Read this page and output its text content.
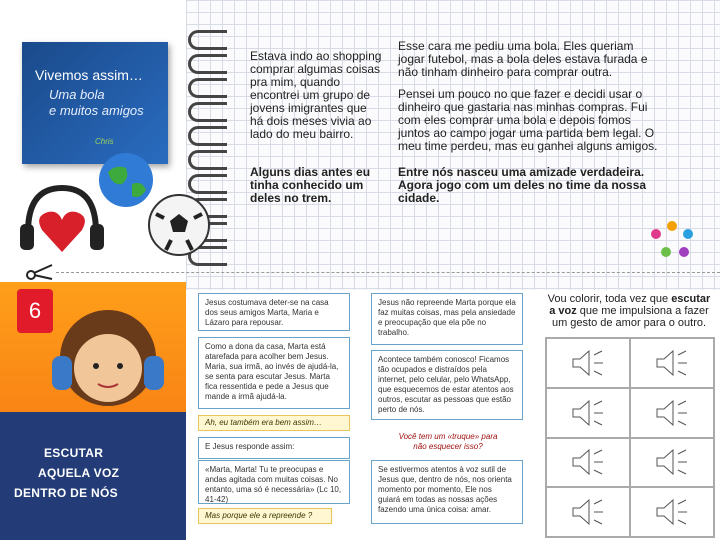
Vivemos assim…
Uma bola
e muitos amigos
Chris
Estava indo ao shopping comprar algumas coisas pra mim, quando encontrei um grupo de jovens imigrantes que há dois meses vivia ao lado do meu bairro.
Alguns dias antes eu tinha conhecido um deles no trem.
Esse cara me pediu uma bola. Eles queriam jogar futebol, mas a bola deles estava furada e não tinham dinheiro para comprar outra.
Pensei um pouco no que fazer e decidi usar o dinheiro que gastaria nas minhas compras. Fui com eles comprar uma bola e depois fomos juntos ao campo jogar uma partida bem legal. O meu time perdeu, mas eu ganhei alguns amigos.
Entre nós nasceu uma amizade verdadeira. Agora jogo com um deles no time da nossa cidade.
6
ESCUTAR
AQUELA VOZ
DENTRO DE NÓS
Jesus costumava deter-se na casa dos seus amigos Marta, Maria e Lázaro para repousar.
Como a dona da casa, Marta está atarefada para acolher bem Jesus. Maria, sua irmã, ao invés de ajudá-la, se senta para escutar Jesus. Marta fica ressentida e pede a Jesus que mande a irmã ajudá-la.
Ah, eu também era bem assim…
E Jesus responde assim:
«Marta, Marta! Tu te preocupas e andas agitada com muitas coisas. No entanto, uma só é necessária» (Lc 10, 41-42)
Mas porque ele a repreende ?
Jesus não repreende Marta porque ela faz muitas coisas, mas pela ansiedade e preocupação que ela põe no trabalho.
Acontece também conosco! Ficamos tão ocupados e distraídos pela internet, pelo celular, pelo WhatsApp, que esquecemos de estar atentos aos outros, escutar as pessoas que estão perto de nós.
Você tem um «truque» para não esquecer isso?
Se estivermos atentos à voz sutil de Jesus que, dentro de nós, nos orienta momento por momento, Ele nos guiará em todas as nossas ações fazendo uma única coisa: amar.
Vou colorir, toda vez que escutar a voz que me impulsiona a fazer um gesto de amor para o outro.
